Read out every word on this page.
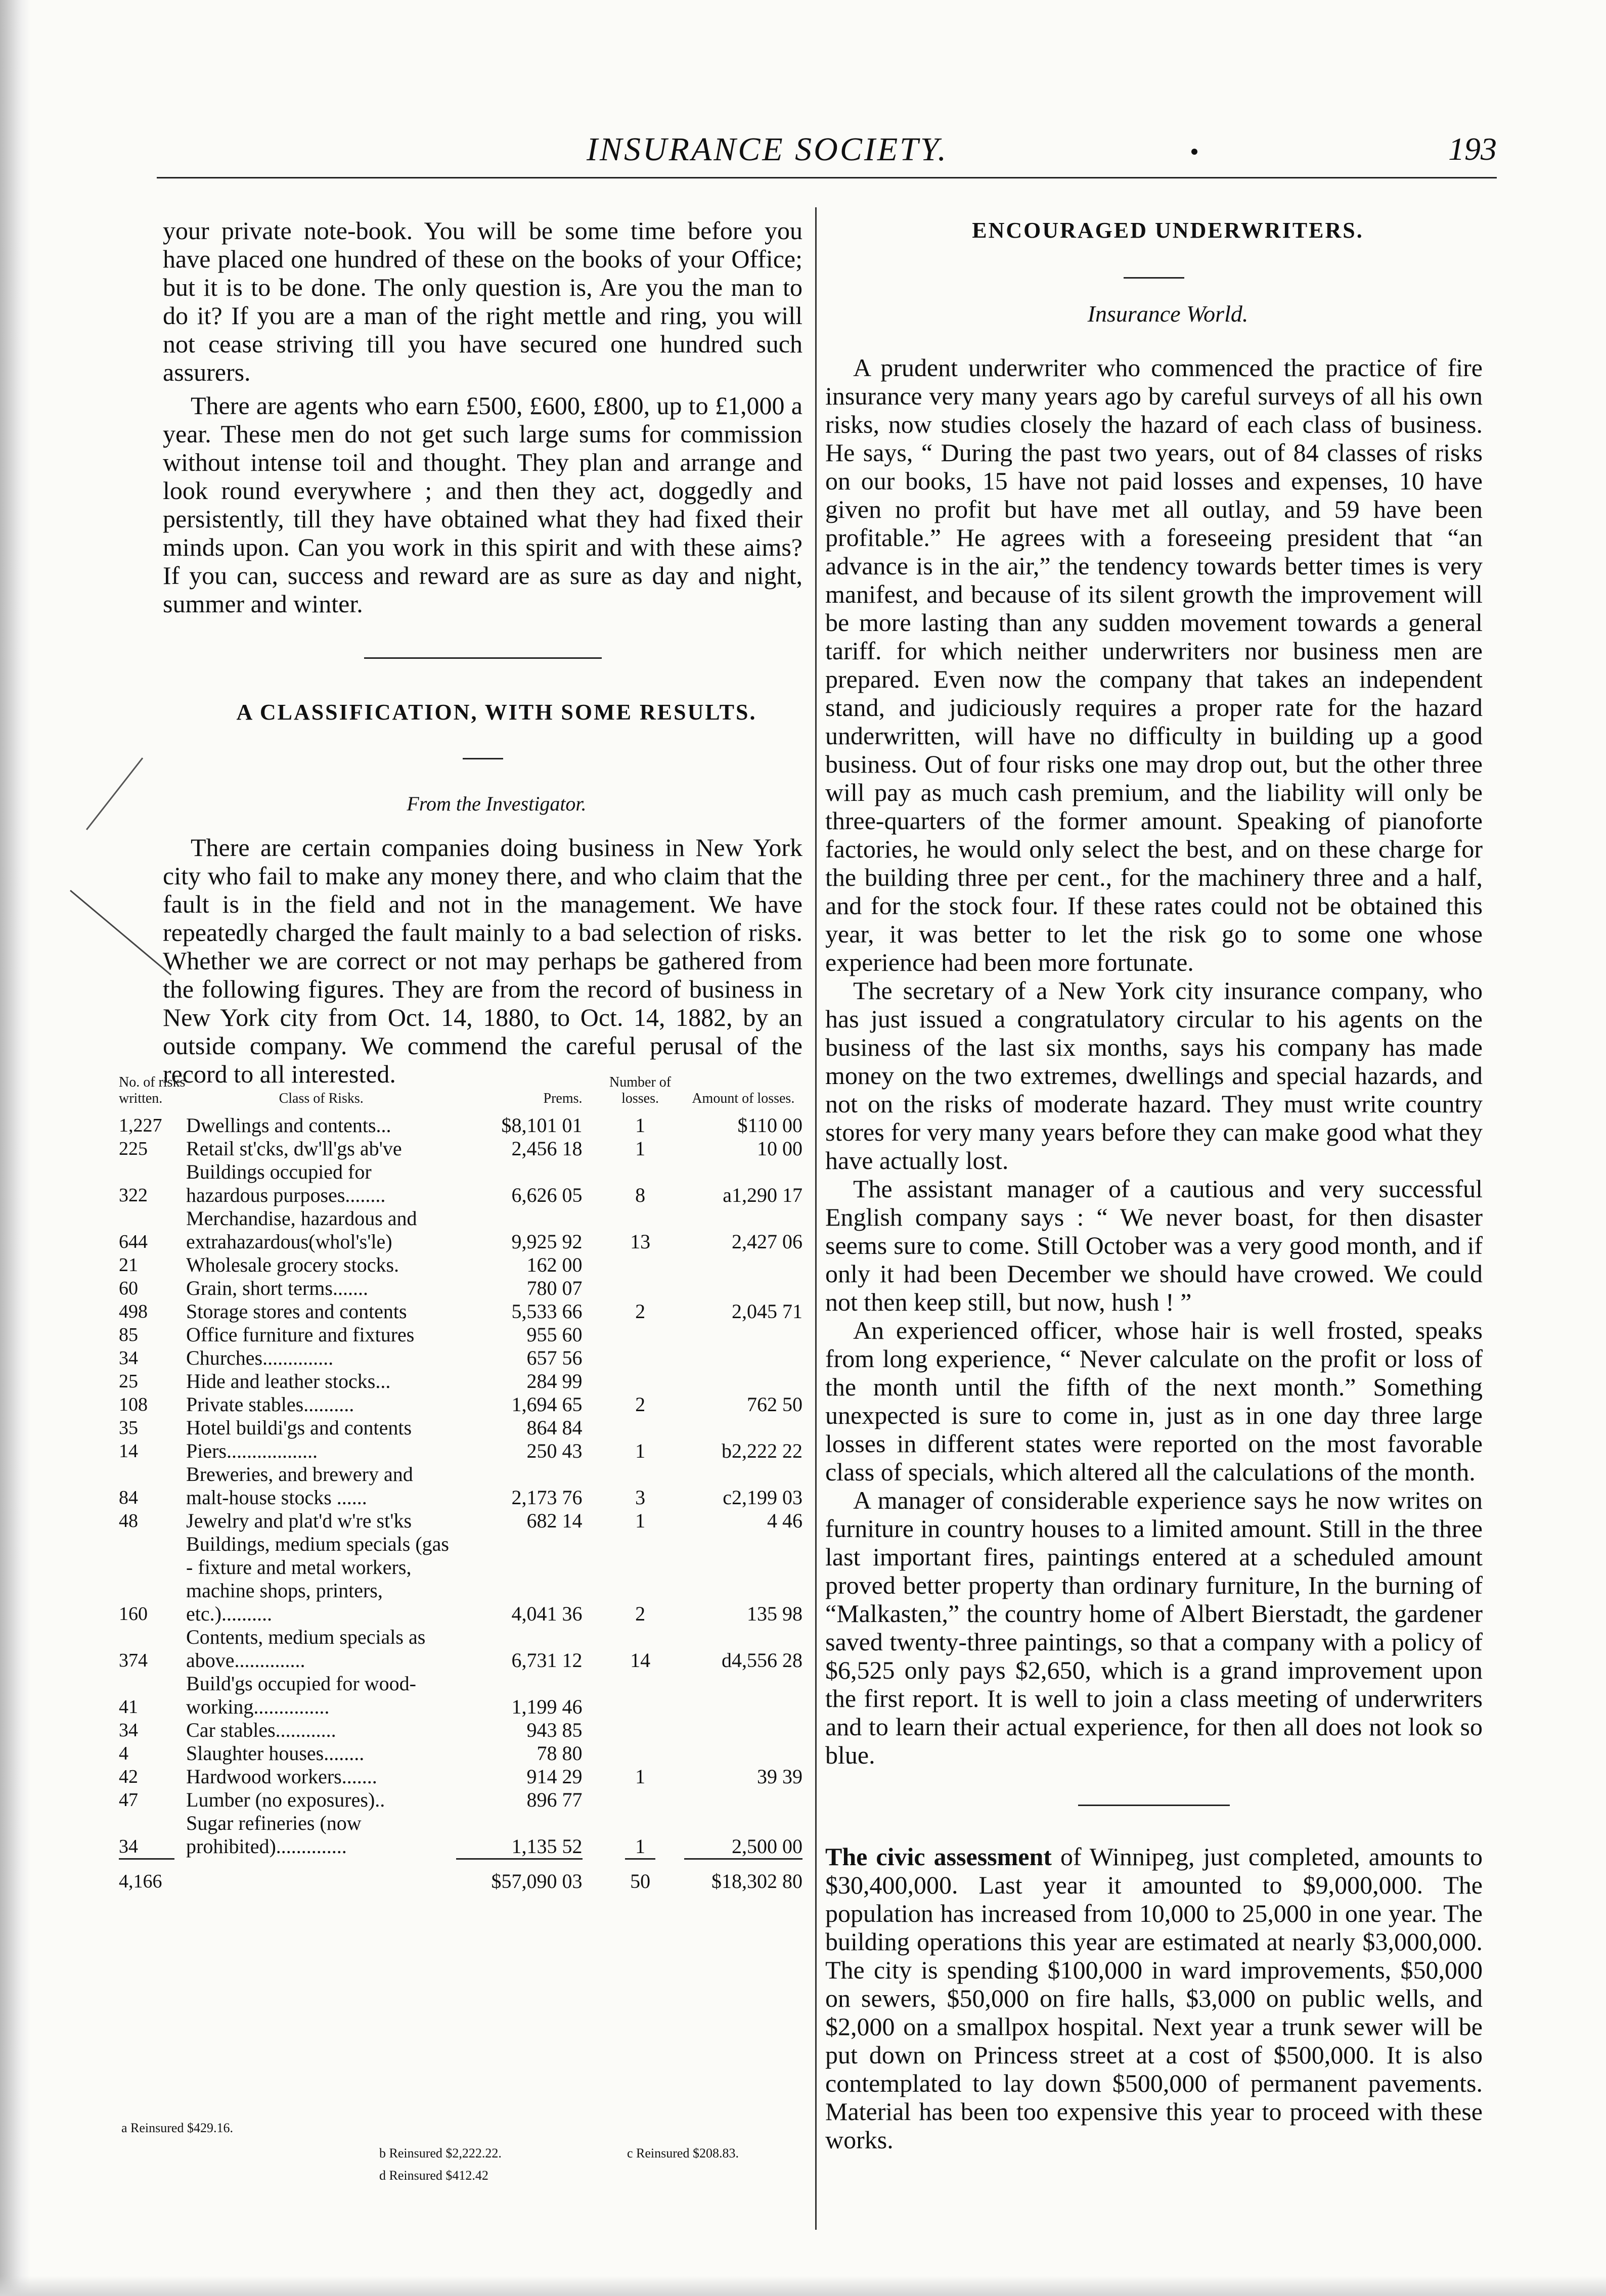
INSURANCE SOCIETY.	193

your private note-book. You will be some time before you have placed one hundred of these on the books of your Office; but it is to be done. The only question is, Are you the man to do it? If you are a man of the right mettle and ring, you will not cease striving till you have secured one hundred such assurers.

There are agents who earn £500, £600, £800, up to £1,000 a year. These men do not get such large sums for commission without intense toil and thought. They plan and arrange and look round everywhere ; and then they act, doggedly and persistently, till they have obtained what they had fixed their minds upon. Can you work in this spirit and with these aims? If you can, success and reward are as sure as day and night, summer and winter.

A CLASSIFICATION, WITH SOME RESULTS.

From the Investigator.

There are certain companies doing business in New York city who fail to make any money there, and who claim that the fault is in the field and not in the management. We have repeatedly charged the fault mainly to a bad selection of risks. Whether we are correct or not may perhaps be gathered from the following figures. They are from the record of business in New York city from Oct. 14, 1880, to Oct. 14, 1882, by an outside company. We commend the careful perusal of the record to all interested.

No. of risks written.	Class of Risks.	Prems.	Number of losses.	Amount of losses.
1,227	Dwellings and contents...	$8,101 01	1	$110 00
225	Retail st'cks, dw'll'gs ab've	2,456 18	1	10 00
322	Buildings occupied for hazardous purposes........	6,626 05	8	a1,290 17
644	Merchandise, hazardous and extrahazardous(whol's'le)	9,925 92	13	2,427 06
21	Wholesale grocery stocks.	162 00		
60	Grain, short terms.......	780 07		
498	Storage stores and contents	5,533 66	2	2,045 71
85	Office furniture and fixtures	955 60		
34	Churches..............	657 56		
25	Hide and leather stocks...	284 99		
108	Private stables..........	1,694 65	2	762 50
35	Hotel buildi'gs and contents	864 84		
14	Piers..................	250 43	1	b2,222 22
84	Breweries, and brewery and malt-house stocks ......	2,173 76	3	c2,199 03
48	Jewelry and plat'd w're st'ks	682 14	1	4 46
160	Buildings, medium specials (gas - fixture and metal workers, machine shops, printers, etc.)..........	4,041 36	2	135 98
374	Contents, medium specials as above..............	6,731 12	14	d4,556 28
41	Build'gs occupied for wood-working...............	1,199 46		
34	Car stables............	943 85		
4	Slaughter houses........	78 80		
42	Hardwood workers.......	914 29	1	39 39
47	Lumber (no exposures)..	896 77		
34	Sugar refineries (now prohibited)..............	1,135 52	1	2,500 00

4,166		$57,090 03	50	$18,302 80
a Reinsured $429.16.
b Reinsured $2,222.22.	c Reinsured $208.83.
d Reinsured $412.42

ENCOURAGED UNDERWRITERS.

Insurance World.

A prudent underwriter who commenced the practice of fire insurance very many years ago by careful surveys of all his own risks, now studies closely the hazard of each class of business. He says, “ During the past two years, out of 84 classes of risks on our books, 15 have not paid losses and expenses, 10 have given no profit but have met all outlay, and 59 have been profitable.” He agrees with a foreseeing president that “an advance is in the air,” the tendency towards better times is very manifest, and because of its silent growth the improvement will be more lasting than any sudden movement towards a general tariff. for which neither underwriters nor business men are prepared. Even now the company that takes an independent stand, and judiciously requires a proper rate for the hazard underwritten, will have no difficulty in building up a good business. Out of four risks one may drop out, but the other three will pay as much cash premium, and the liability will only be three-quarters of the former amount. Speaking of pianoforte factories, he would only select the best, and on these charge for the building three per cent., for the machinery three and a half, and for the stock four. If these rates could not be obtained this year, it was better to let the risk go to some one whose experience had been more fortunate.

The secretary of a New York city insurance company, who has just issued a congratulatory circular to his agents on the business of the last six months, says his company has made money on the two extremes, dwellings and special hazards, and not on the risks of moderate hazard. They must write country stores for very many years before they can make good what they have actually lost.

The assistant manager of a cautious and very successful English company says : “ We never boast, for then disaster seems sure to come. Still October was a very good month, and if only it had been December we should have crowed. We could not then keep still, but now, hush ! ”

An experienced officer, whose hair is well frosted, speaks from long experience, “ Never calculate on the profit or loss of the month until the fifth of the next month.” Something unexpected is sure to come in, just as in one day three large losses in different states were reported on the most favorable class of specials, which altered all the calculations of the month.

A manager of considerable experience says he now writes on furniture in country houses to a limited amount. Still in the three last important fires, paintings entered at a scheduled amount proved better property than ordinary furniture, In the burning of “Malkasten,” the country home of Albert Bierstadt, the gardener saved twenty-three paintings, so that a company with a policy of $6,525 only pays $2,650, which is a grand improvement upon the first report. It is well to join a class meeting of underwriters and to learn their actual experience, for then all does not look so blue.

The civic assessment of Winnipeg, just completed, amounts to $30,400,000. Last year it amounted to $9,000,000. The population has increased from 10,000 to 25,000 in one year. The building operations this year are estimated at nearly $3,000,000. The city is spending $100,000 in ward improvements, $50,000 on sewers, $50,000 on fire halls, $3,000 on public wells, and $2,000 on a smallpox hospital. Next year a trunk sewer will be put down on Princess street at a cost of $500,000. It is also contemplated to lay down $500,000 of permanent pavements. Material has been too expensive this year to proceed with these works.
